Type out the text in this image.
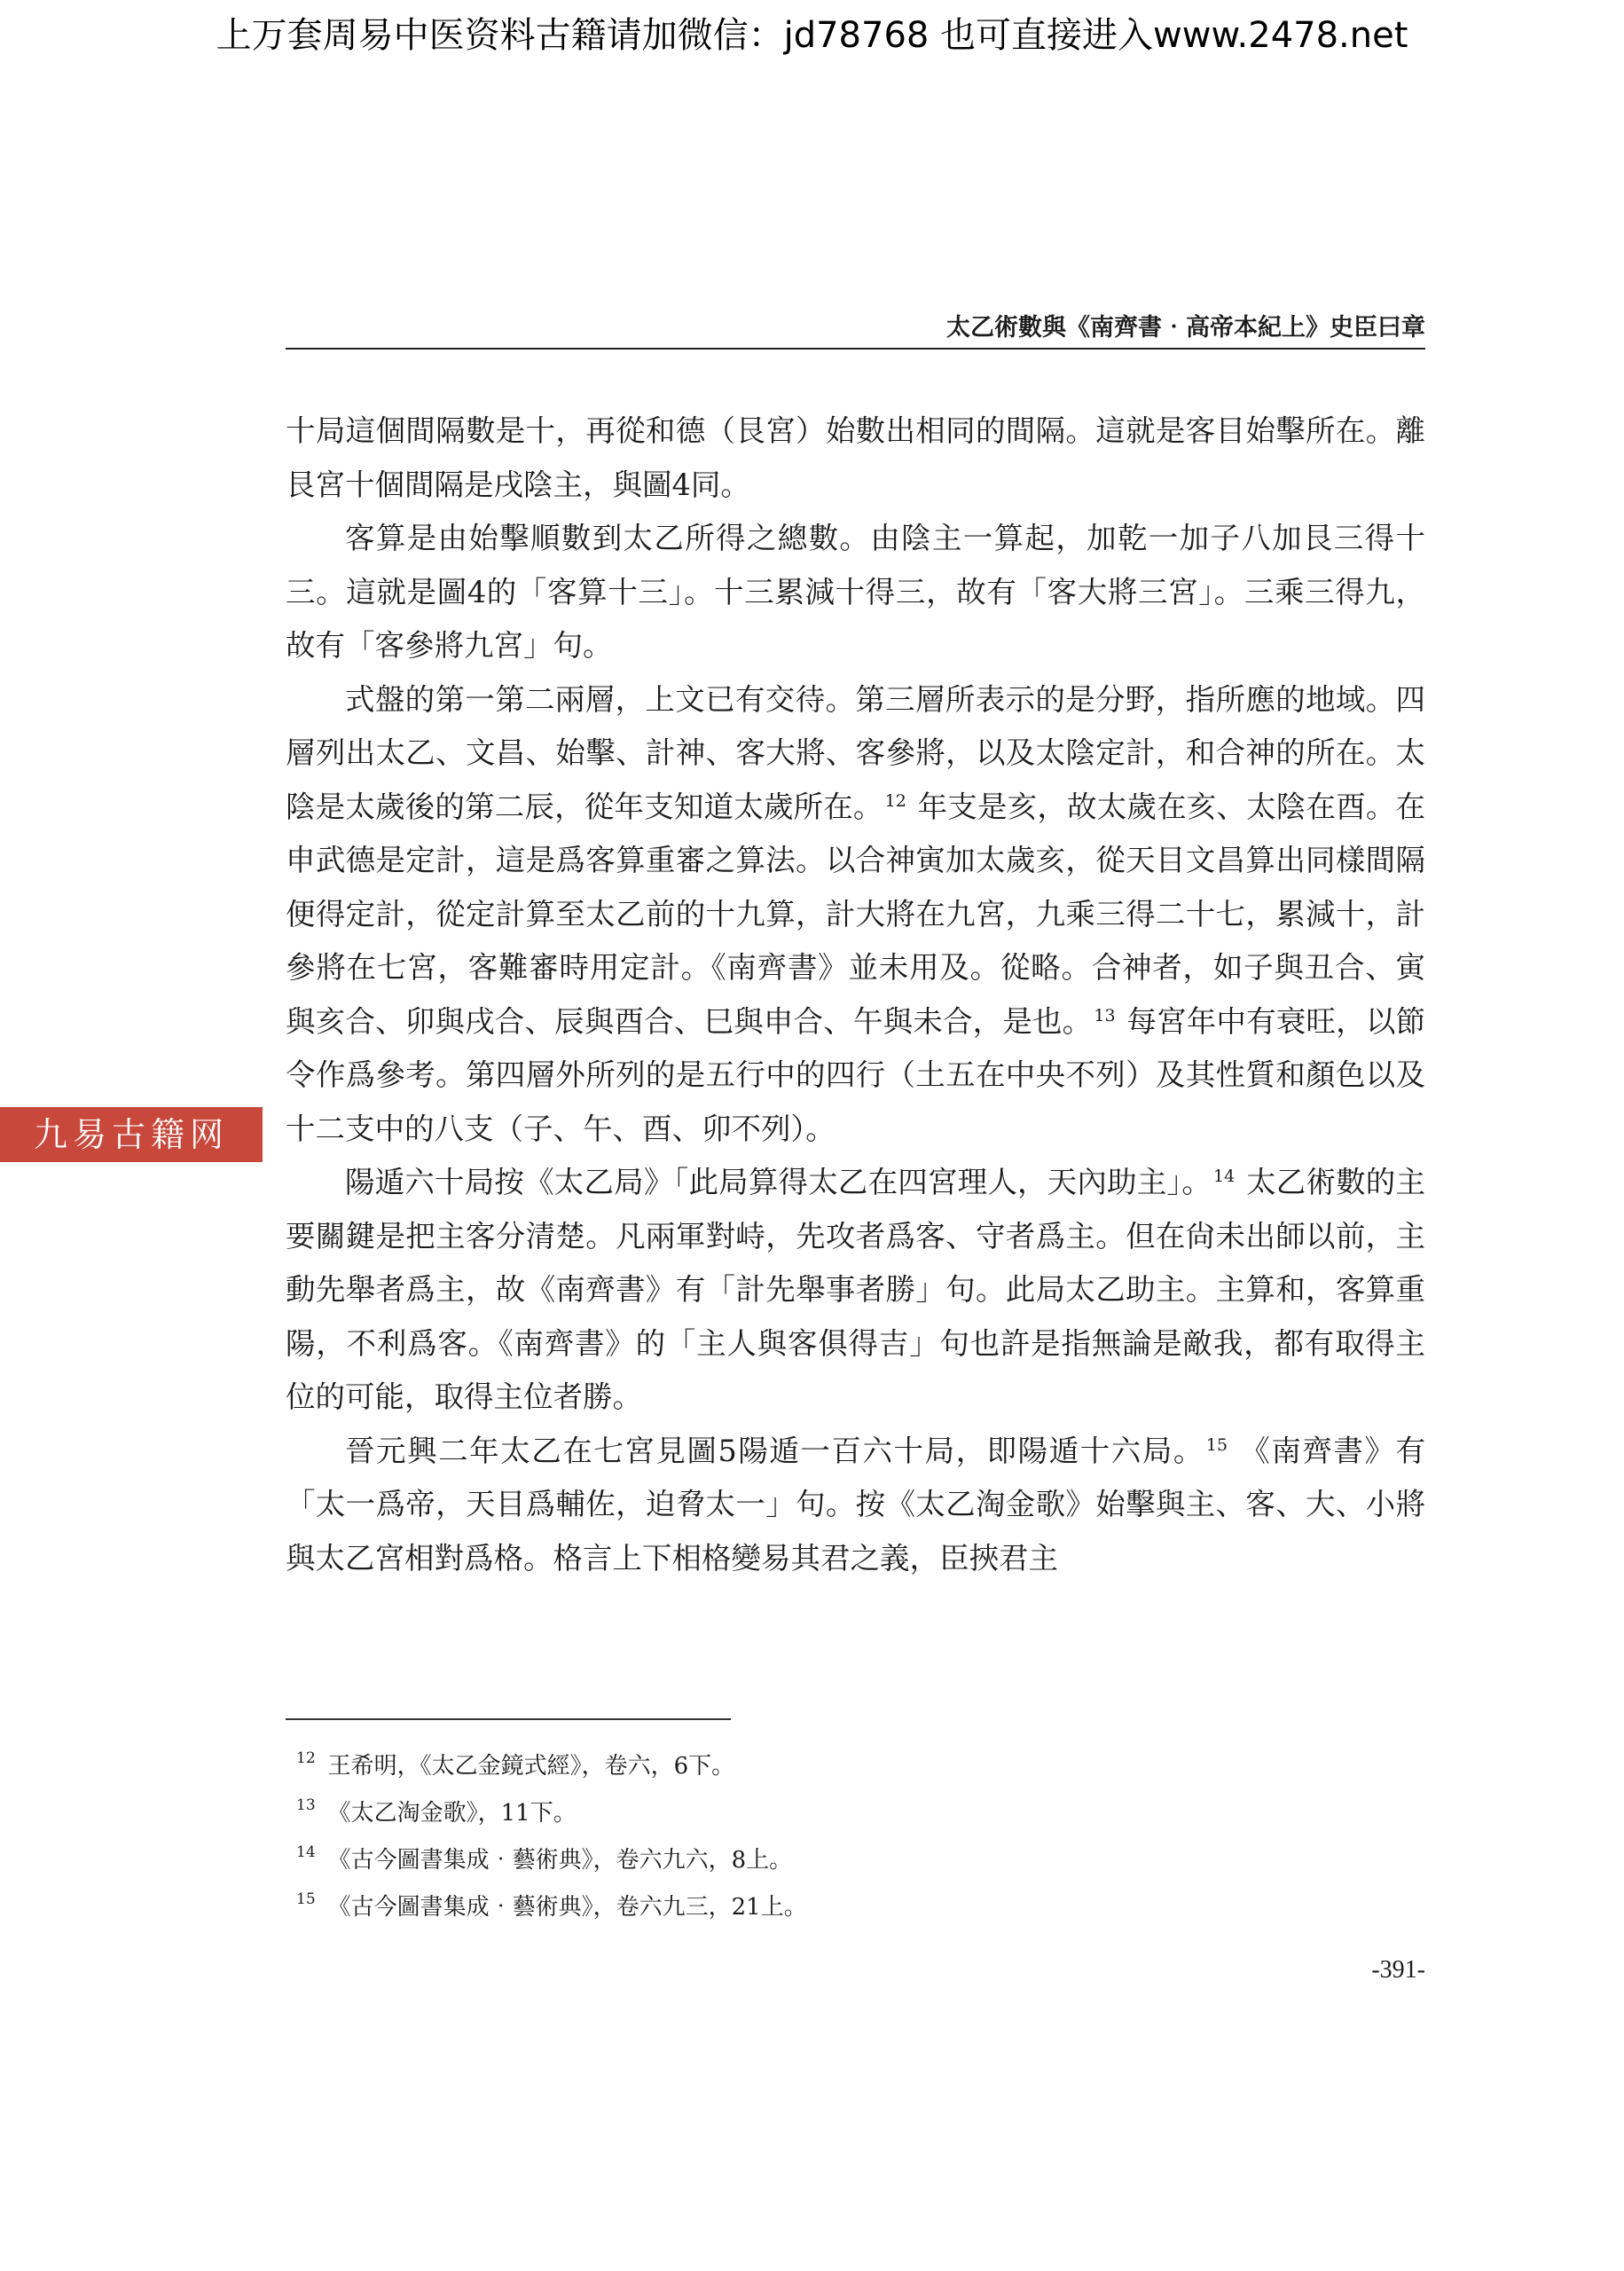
上万套周易中医资料古籍请加微信：jd78768 也可直接进入www.2478.net
太乙術數與《南齊書‧高帝本紀上》史臣曰章

十局這個間隔數是十，再從和德（艮宮）始數出相同的間隔。這就是客目始擊所在。離艮宮十個間隔是戌陰主，與圖4同。

客算是由始擊順數到太乙所得之總數。由陰主一算起，加乾一加子八加艮三得十三。這就是圖4的「客算十三」。十三累減十得三，故有「客大將三宮」。三乘三得九，故有「客參將九宮」句。

式盤的第一第二兩層，上文已有交待。第三層所表示的是分野，指所應的地域。四層列出太乙、文昌、始擊、計神、客大將、客參將，以及太陰定計，和合神的所在。太陰是太歲後的第二辰，從年支知道太歲所在。 $^{12}$ 年支是亥，故太歲在亥、太陰在酉。在申武德是定計，這是爲客算重審之算法。以合神寅加太歲亥，從天目文昌算出同樣間隔便得定計，從定計算至太乙前的十九算，計大將在九宮，九乘三得二十七，累減十，計參將在七宮，客難審時用定計。《南齊書》並未用及。從略。合神者，如子與丑合、寅與亥合、卯與戌合、辰與酉合、巳與申合、午與未合，是也。 $^{13}$ 每宮年中有衰旺，以節令作爲參考。第四層外所列的是五行中的四行（土五在中央不列）及其性質和顏色以及十二支中的八支（子、午、酉、卯不列）。

陽遁六十局按《太乙局》「此局算得太乙在四宮理人，天內助主」。 $^{14}$ 太乙術數的主要關鍵是把主客分清楚。凡兩軍對峙，先攻者爲客、守者爲主。但在尙未出師以前，主動先舉者爲主，故《南齊書》有「計先舉事者勝」句。此局太乙助主。主算和，客算重陽，不利爲客。《南齊書》的「主人與客俱得吉」句也許是指無論是敵我，都有取得主位的可能，取得主位者勝。

晉元興二年太乙在七宮見圖5陽遁一百六十局，即陽遁十六局。 $^{15}$ 《南齊書》有「太一爲帝，天目爲輔佐，迫脅太一」句。按《太乙淘金歌》始擊與主、客、大、小將與太乙宮相對爲格。格言上下相格變易其君之義，臣挾君主

九易古籍网
12 王希明，《太乙金鏡式經》，卷六，6下。
13 《太乙淘金歌》，11下。
14 《古今圖書集成‧藝術典》，卷六九六，8上。
15 《古今圖書集成‧藝術典》，卷六九三，21上。
-391-
